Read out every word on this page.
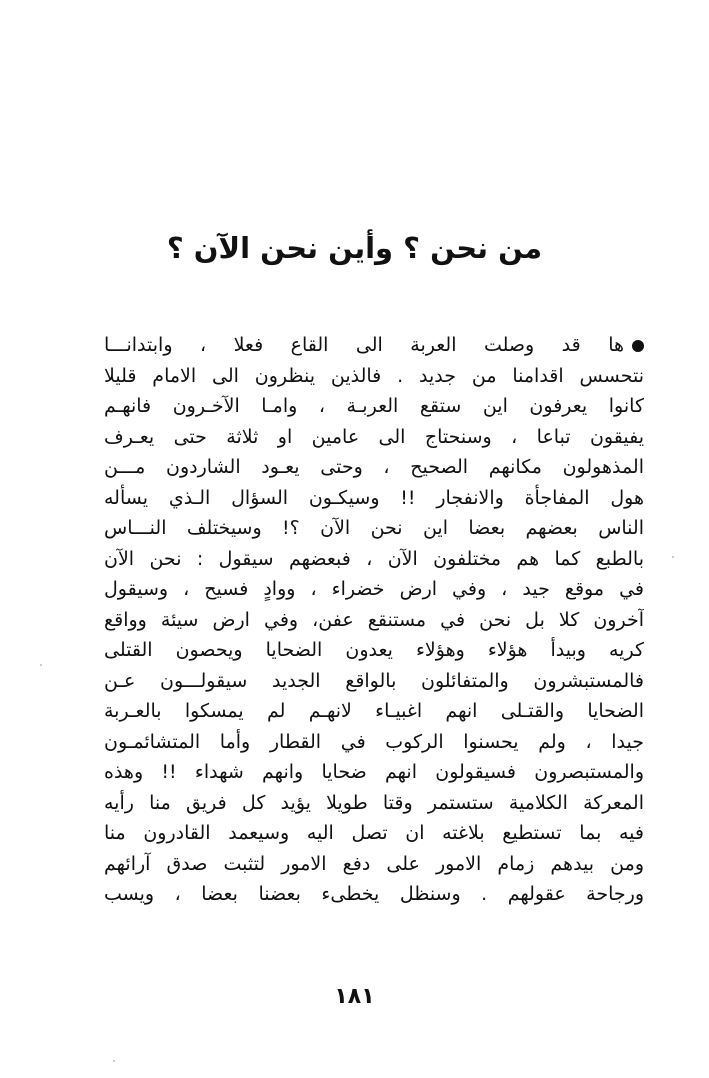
من نحن ؟ وأين نحن الآن ؟
ها قد وصلت العربة الى القاع فعلا ، وابتدانـــا
نتحسس اقدامنا من جديد . فالذين ينظرون الى الامام قليلا
كانوا يعرفون اين ستقع العربـة ، وامـا الآخـرون فانهـم
يفيقون تباعا ، وسنحتاج الى عامين او ثلاثة حتى يعـرف
المذهولون مكانهم الصحيح ، وحتى يعـود الشاردون مـــن
هول المفاجأة والانفجار !! وسيكـون السؤال الـذي يسأله
الناس بعضهم بعضا اين نحن الآن ؟! وسيختلف النـــاس
بالطبع كما هم مختلفون الآن ، فبعضهم سيقول : نحن الآن
في موقع جيد ، وفي ارض خضراء ، ووادٍ فسيح ، وسيقول
آخرون كلا بل نحن في مستنقع عفن، وفي ارض سيئة وواقع
كريه وبيدأ هؤلاء وهؤلاء يعدون الضحايا ويحصون القتلى
فالمستبشرون والمتفائلون بالواقع الجديد سيقولـــون عـن
الضحايا والقتـلى انهم اغبيـاء لانهـم لم يمسكوا بالعـربة
جيدا ، ولم يحسنوا الركوب في القطار وأما المتشائمـون
والمستبصرون فسيقولون انهم ضحايا وانهم شهداء !! وهذه
المعركة الكلامية ستستمر وقتا طويلا يؤيد كل فريق منا رأيه
فيه بما تستطيع بلاغته ان تصل اليه وسيعمد القادرون منا
ومن بيدهم زمام الامور على دفع الامور لتثبت صدق آرائهم
ورجاحة عقولهم . وسنظل يخطىء بعضنا بعضا ، ويسب
١٨١
